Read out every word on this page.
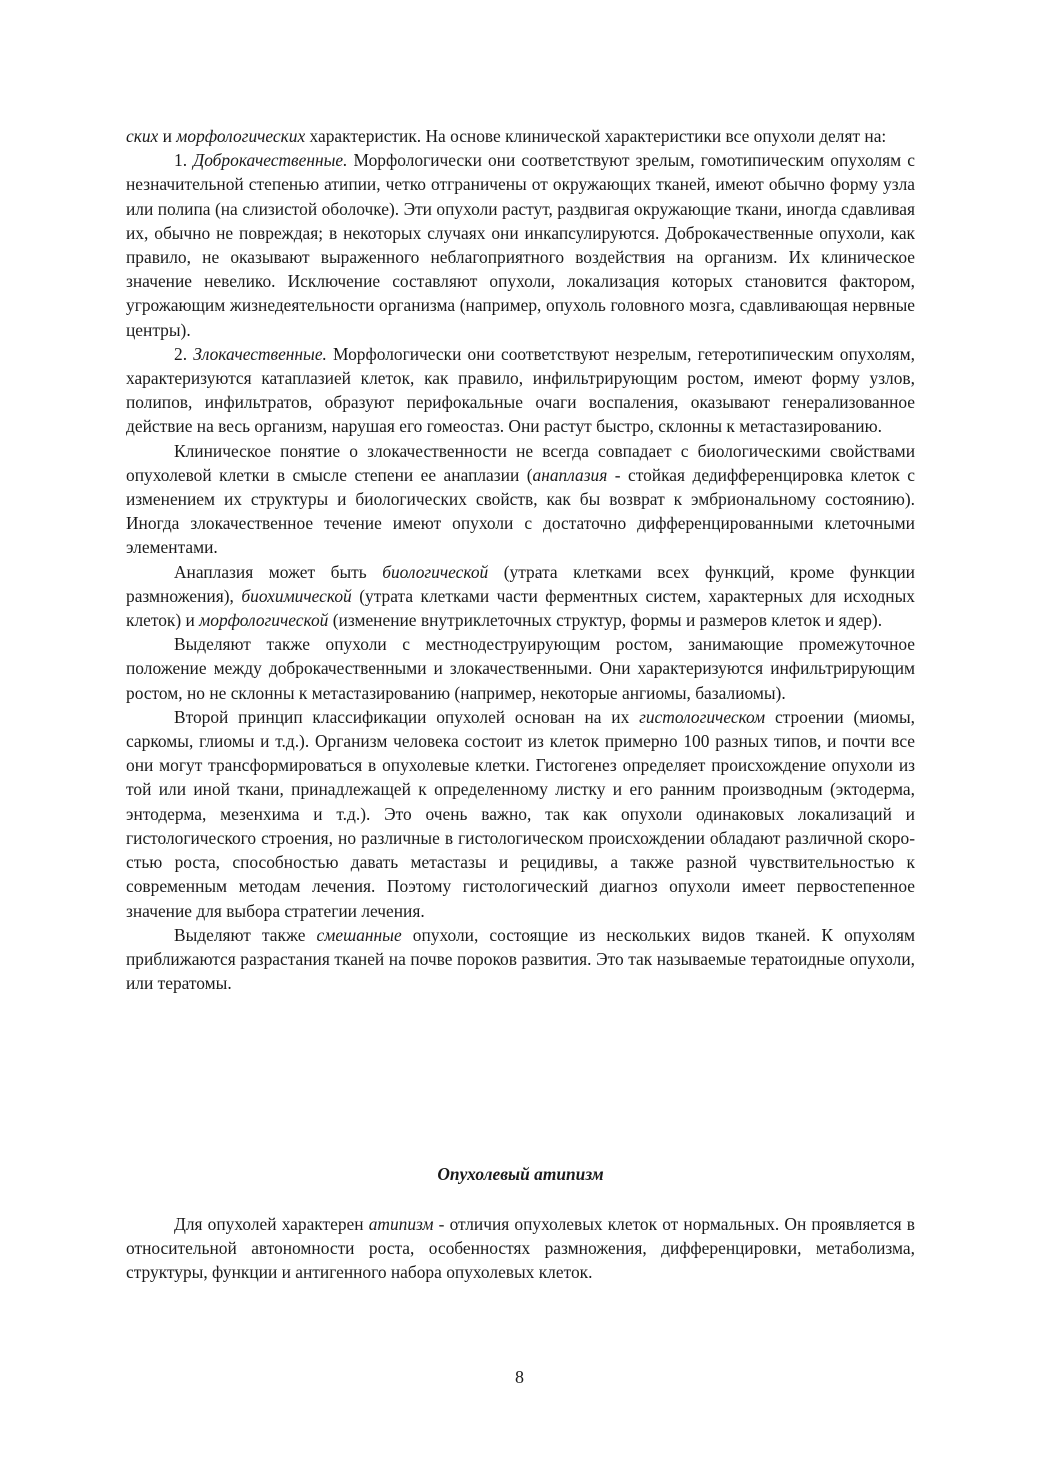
ских и морфологических характеристик. На основе клинической характеристики все опухоли делят на:

1. Доброкачественные. Морфологически они соответствуют зрелым, гомотипическим опухолям с незначительной степенью атипии, четко отграничены от окружающих тканей, имеют обычно форму узла или полипа (на слизистой оболочке). Эти опухоли растут, раздвигая окружающие ткани, иногда сдавливая их, обычно не повреждая; в некоторых случаях они инкапсулируются. Доброкачественные опухоли, как правило, не оказывают выраженного неблагоприятного воздействия на организм. Их клиническое значение невелико. Исключение составляют опухоли, локализация которых становится фактором, угрожающим жизнедеятельности организма (например, опухоль головного мозга, сдавливающая нервные центры).

2. Злокачественные. Морфологически они соответствуют незрелым, гетеротипическим опухолям, характеризуются катаплазией клеток, как правило, инфильтрирующим ростом, имеют форму узлов, полипов, инфильтратов, образуют перифокальные очаги воспаления, оказывают генерализованное действие на весь организм, нарушая его гомеостаз. Они растут быстро, склонны к метастазированию.

Клиническое понятие о злокачественности не всегда совпадает с биологическими свойствами опухолевой клетки в смысле степени ее анаплазии (анаплазия - стойкая дедифференцировка клеток с изменением их структуры и биологических свойств, как бы возврат к эмбриональному состоянию). Иногда злокачественное течение имеют опухоли с достаточно дифференцированными клеточными элементами.

Анаплазия может быть биологической (утрата клетками всех функций, кроме функции размножения), биохимической (утрата клетками части ферментных систем, характерных для исходных клеток) и морфологической (изменение внутриклеточных структур, формы и размеров клеток и ядер).

Выделяют также опухоли с местнодеструирующим ростом, занимающие промежуточное положение между доброкачественными и злокачественными. Они характеризуются инфильтрирующим ростом, но не склонны к метастазированию (например, некоторые ангиомы, базалиомы).

Второй принцип классификации опухолей основан на их гистологическом строении (миомы, саркомы, глиомы и т.д.). Организм человека состоит из клеток примерно 100 разных типов, и почти все они могут трансформироваться в опухолевые клетки. Гистогенез определяет происхождение опухоли из той или иной ткани, принадлежащей к определенному листку и его ранним производным (эктодерма, энтодерма, мезенхима и т.д.). Это очень важно, так как опухоли одинаковых локализаций и гистологического строения, но различные в гистологическом происхождении обладают различной скоростью роста, способностью давать метастазы и рецидивы, а также разной чувствительностью к современным методам лечения. Поэтому гистологический диагноз опухоли имеет первостепенное значение для выбора стратегии лечения.

Выделяют также смешанные опухоли, состоящие из нескольких видов тканей. К опухолям приближаются разрастания тканей на почве пороков развития. Это так называемые тератоидные опухоли, или тератомы.

Опухолевый атипизм

Для опухолей характерен атипизм - отличия опухолевых клеток от нормальных. Он проявляется в относительной автономности роста, особенностях размножения, дифференцировки, метаболизма, структуры, функции и антигенного набора опухолевых клеток.

8
